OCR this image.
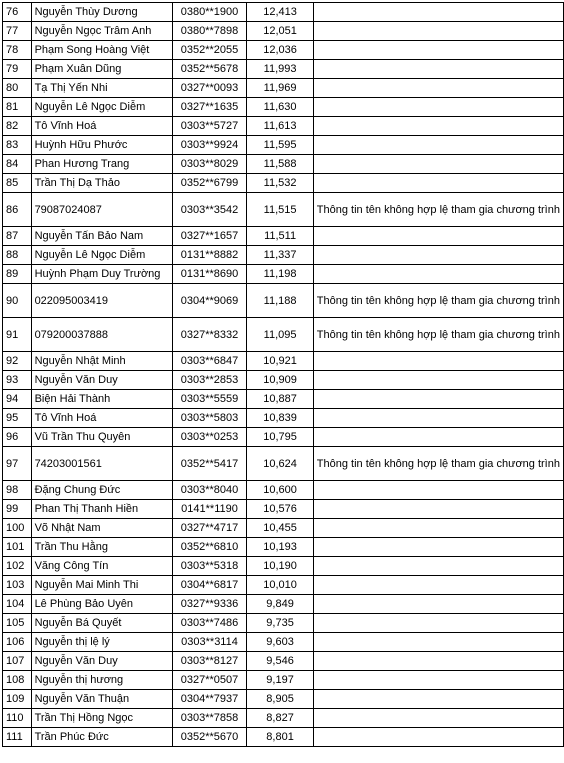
76	Nguyễn Thùy Dương	0380**1900	12,413	
77	Nguyễn Ngọc Trâm Anh	0380**7898	12,051	
78	Phạm Song Hoàng Việt	0352**2055	12,036	
79	Phạm Xuân Dũng	0352**5678	11,993	
80	Tạ Thị Yến Nhi	0327**0093	11,969	
81	Nguyễn Lê Ngọc Diễm	0327**1635	11,630	
82	Tô Vĩnh Hoá	0303**5727	11,613	
83	Huỳnh Hữu Phước	0303**9924	11,595	
84	Phan Hương Trang	0303**8029	11,588	
85	Trần Thị Dạ Thảo	0352**6799	11,532	
86	79087024087	0303**3542	11,515	Thông tin tên không hợp lệ tham gia chương trình
87	Nguyễn Tấn Bảo Nam	0327**1657	11,511	
88	Nguyễn Lê Ngọc Diễm	0131**8882	11,337	
89	Huỳnh Phạm Duy Trường	0131**8690	11,198	
90	022095003419	0304**9069	11,188	Thông tin tên không hợp lệ tham gia chương trình
91	079200037888	0327**8332	11,095	Thông tin tên không hợp lệ tham gia chương trình
92	Nguyễn Nhật Minh	0303**6847	10,921	
93	Nguyễn Văn Duy	0303**2853	10,909	
94	Biện Hải Thành	0303**5559	10,887	
95	Tô Vĩnh Hoá	0303**5803	10,839	
96	Vũ Trần Thu Quyên	0303**0253	10,795	
97	74203001561	0352**5417	10,624	Thông tin tên không hợp lệ tham gia chương trình
98	Đặng Chung Đức	0303**8040	10,600	
99	Phan Thị Thanh Hiền	0141**1190	10,576	
100	Võ Nhật Nam	0327**4717	10,455	
101	Trần Thu Hằng	0352**6810	10,193	
102	Văng Công Tín	0303**5318	10,190	
103	Nguyễn Mai Minh Thi	0304**6817	10,010	
104	Lê Phùng Bảo Uyên	0327**9336	9,849	
105	Nguyễn Bá Quyết	0303**7486	9,735	
106	Nguyễn thị lệ lý	0303**3114	9,603	
107	Nguyễn Văn Duy	0303**8127	9,546	
108	Nguyễn thị hương	0327**0507	9,197	
109	Nguyễn Văn Thuận	0304**7937	8,905	
110	Trần Thị Hồng Ngọc	0303**7858	8,827	
111	Trần Phúc Đức	0352**5670	8,801	
